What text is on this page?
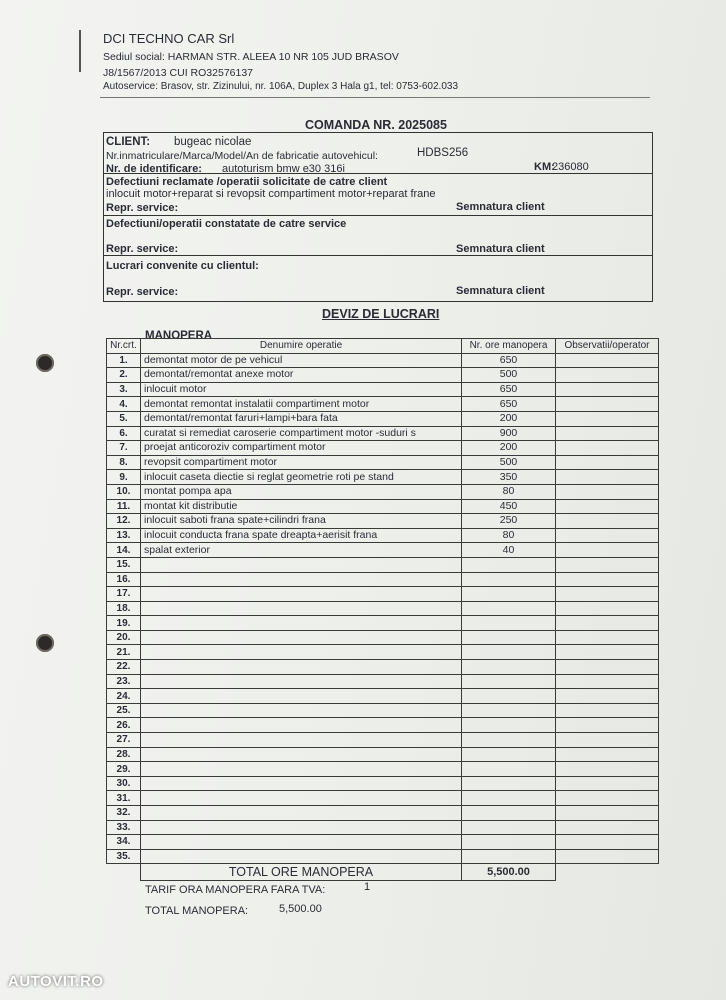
DCI TECHNO CAR Srl
Sediul social: HARMAN STR. ALEEA 10 NR 105 JUD BRASOV
J8/1567/2013 CUI RO32576137
Autoservice: Brasov, str. Zizinului, nr. 106A, Duplex 3 Hala g1, tel: 0753-602.033
COMANDA NR. 2025085
CLIENT: bugeac nicolae
Nr.inmatriculare/Marca/Model/An de fabricatie autovehicul:	HDBS256
Nr. de identificare: autoturism bmw e30 316i	KM:
236080
Defectiuni reclamate /operatii solicitate de catre client
inlocuit motor+reparat si revopsit compartiment motor+reparat frane
Repr. service:	Semnatura client
Defectiuni/operatii constatate de catre service
Repr. service:	Semnatura client
Lucrari convenite cu clientul:
Repr. service:	Semnatura client
DEVIZ DE LUCRARI
MANOPERA
Nr.crt.	Denumire operatie	Nr. ore manopera	Observatii/operator
1.	demontat motor de pe vehicul	650	
2.	demontat/remontat anexe motor	500	
3.	inlocuit motor	650	
4.	demontat remontat instalatii compartiment motor	650	
5.	demontat/remontat faruri+lampi+bara fata	200	
6.	curatat si remediat caroserie compartiment motor -suduri s	900	
7.	proejat anticoroziv compartiment motor	200	
8.	revopsit compartiment motor	500	
9.	inlocuit caseta diectie si reglat geometrie roti pe stand	350	
10.	montat pompa apa	80	
11.	montat kit distributie	450	
12.	inlocuit saboti frana spate+cilindri frana	250	
13.	inlocuit conducta frana spate dreapta+aerisit frana	80	
14.	spalat exterior	40	
15.			
16.			
17.			
18.			
19.			
20.			
21.			
22.			
23.			
24.			
25.			
26.			
27.			
28.			
29.			
30.			
31.			
32.			
33.			
34.			
35.			
	TOTAL ORE MANOPERA	5,500.00	
TARIF ORA MANOPERA FARA TVA:	1
TOTAL MANOPERA:	5,500.00
AUTOVIT.RO
